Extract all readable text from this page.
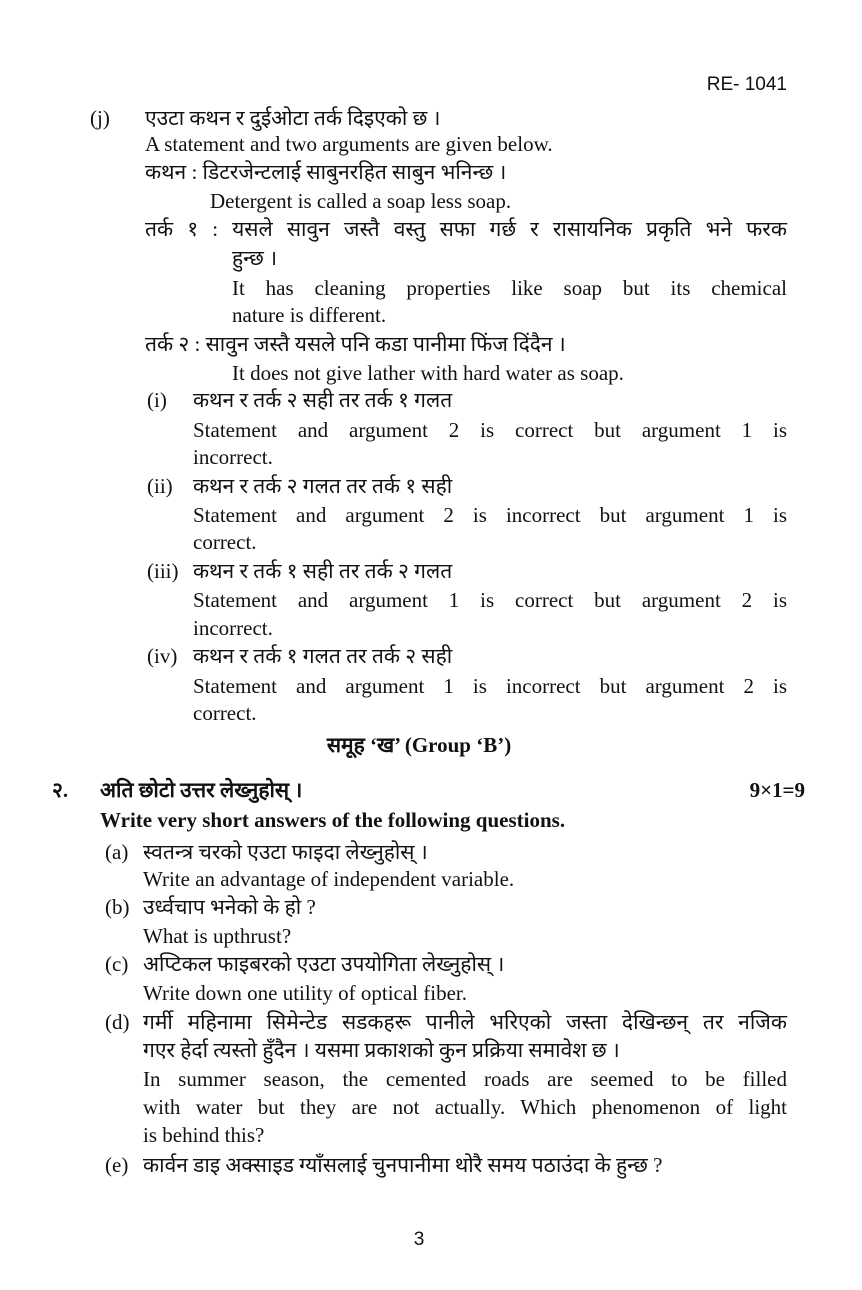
RE- 1041
(j) एउटा कथन र दुईओटा तर्क दिइएको छ ।
A statement and two arguments are given below.
कथन : डिटरजेन्टलाई साबुनरहित साबुन भनिन्छ ।
Detergent is called a soap less soap.
तर्क १ : यसले सावुन जस्तै वस्तु सफा गर्छ र रासायनिक प्रकृति भने फरक
हुन्छ ।
It has cleaning properties like soap but its chemical
nature is different.
तर्क २ : सावुन जस्तै यसले पनि कडा पानीमा फिंज दिंदैन ।
It does not give lather with hard water as soap.
(i) कथन र तर्क २ सही तर तर्क १ गलत
Statement and argument 2 is correct but argument 1 is
incorrect.
(ii) कथन र तर्क २ गलत तर तर्क १ सही
Statement and argument 2 is incorrect but argument 1 is
correct.
(iii) कथन र तर्क १ सही तर तर्क २ गलत
Statement and argument 1 is correct but argument 2 is
incorrect.
(iv) कथन र तर्क १ गलत तर तर्क २ सही
Statement and argument 1 is incorrect but argument 2 is
correct.
समूह ‘ख’ (Group ‘B’)
२. अति छोटो उत्तर लेख्नुहोस् ।	9×1=9
Write very short answers of the following questions.
(a) स्वतन्त्र चरको एउटा फाइदा लेख्नुहोस् ।
Write an advantage of independent variable.
(b) उर्ध्वचाप भनेको के हो ?
What is upthrust?
(c) अप्टिकल फाइबरको एउटा उपयोगिता लेख्नुहोस् ।
Write down one utility of optical fiber.
(d) गर्मी महिनामा सिमेन्टेड सडकहरू पानीले भरिएको जस्ता देखिन्छन् तर नजिक
गएर हेर्दा त्यस्तो हुँदैन । यसमा प्रकाशको कुन प्रक्रिया समावेश छ ।
In summer season, the cemented roads are seemed to be filled
with water but they are not actually. Which phenomenon of light
is behind this?
(e) कार्वन डाइ अक्साइड ग्याँसलाई चुनपानीमा थोरै समय पठाउंदा के हुन्छ ?
3
